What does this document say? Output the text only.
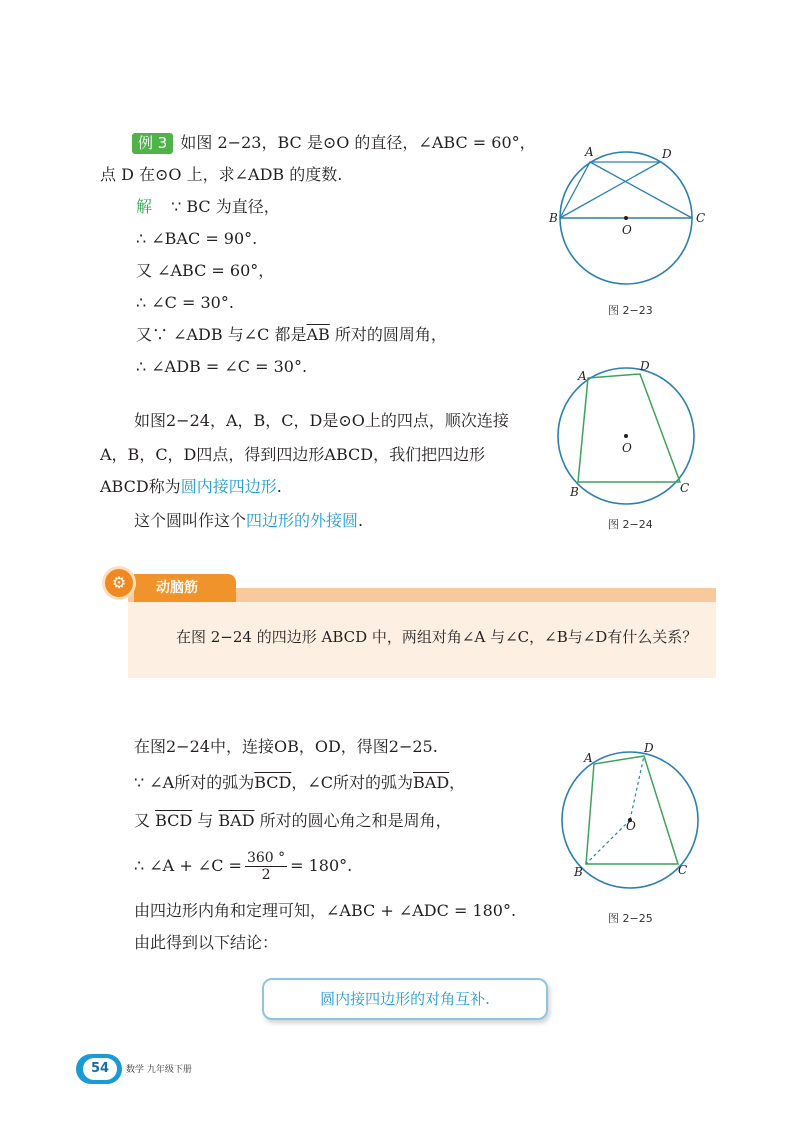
例 3 如图 2−23，BC 是⊙O 的直径，∠ABC = 60°，
点 D 在⊙O 上，求∠ADB 的度数.
解 ∵ BC 为直径，
∴ ∠BAC = 90°.
又 ∠ABC = 60°，
∴ ∠C = 30°.
又∵ ∠ADB 与∠C 都是$\overline{AB}$ 所对的圆周角，
∴ ∠ADB = ∠C = 30°.
A	D
B	C
O
图 2−23
A
D
B	C
O
图 2−24
如图2−24，A，B，C，D是⊙O上的四点，顺次连接
A，B，C，D四点，得到四边形ABCD，我们把四边形
ABCD称为圆内接四边形.
这个圆叫作这个四边形的外接圆.
动脑筋
⚙
在图 2−24 的四边形 ABCD 中，两组对角∠A 与∠C，∠B与∠D有什么关系？
在图2−24中，连接OB，OD，得图2−25.
∵ ∠A所对的弧为$\overline{BCD}$，∠C所对的弧为$\overline{BAD}$，
又 $\overline{BCD}$ 与 $\overline{BAD}$ 所对的圆心角之和是周角，
∴ ∠A + ∠C = $\frac{360 ^\circ}{2} = 180^\circ$.
由四边形内角和定理可知，∠ABC + ∠ADC = 180°.
由此得到以下结论：
A
D
B	C
O
图 2−25
圆内接四边形的对角互补.
54	数学 九年级下册
